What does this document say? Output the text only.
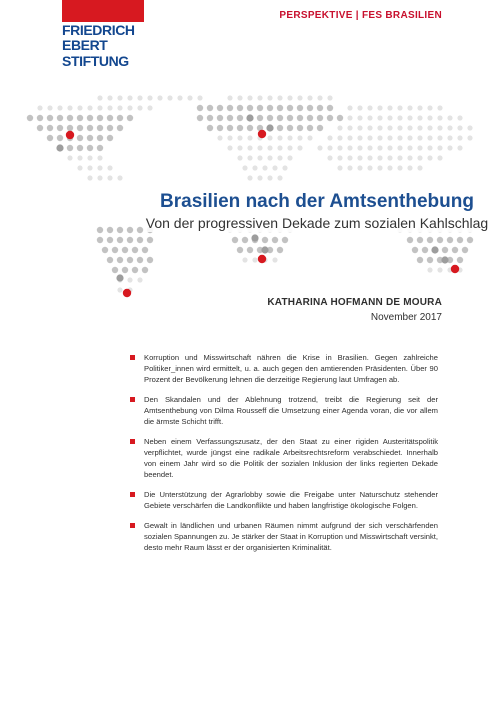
FRIEDRICH
EBERT
STIFTUNG
PERSPEKTIVE | FES BRASILIEN
Brasilien nach der Amtsenthebung

Von der progressiven Dekade zum sozialen Kahlschlag

KATHARINA HOFMANN DE MOURA
November 2017
Korruption und Misswirtschaft nähren die Krise in Brasilien. Gegen zahlreiche Politiker_innen wird ermittelt, u. a. auch gegen den amtierenden Präsidenten. Über 90 Prozent der Bevölkerung lehnen die derzeitige Regierung laut Umfragen ab.
Den Skandalen und der Ablehnung trotzend, treibt die Regierung seit der Amtsenthebung von Dilma Rousseff die Umsetzung einer Agenda voran, die vor allem die ärmste Schicht trifft.
Neben einem Verfassungszusatz, der den Staat zu einer rigiden Austeritätspolitik verpflichtet, wurde jüngst eine radikale Arbeitsrechtsreform verabschiedet. Innerhalb von einem Jahr wird so die Politik der sozialen Inklusion der links regierten Dekade beendet.
Die Unterstützung der Agrarlobby sowie die Freigabe unter Naturschutz stehender Gebiete verschärfen die Landkonflikte und haben langfristige ökologische Folgen.
Gewalt in ländlichen und urbanen Räumen nimmt aufgrund der sich verschärfenden sozialen Spannungen zu. Je stärker der Staat in Korruption und Misswirtschaft versinkt, desto mehr Raum lässt er der organisierten Kriminalität.
